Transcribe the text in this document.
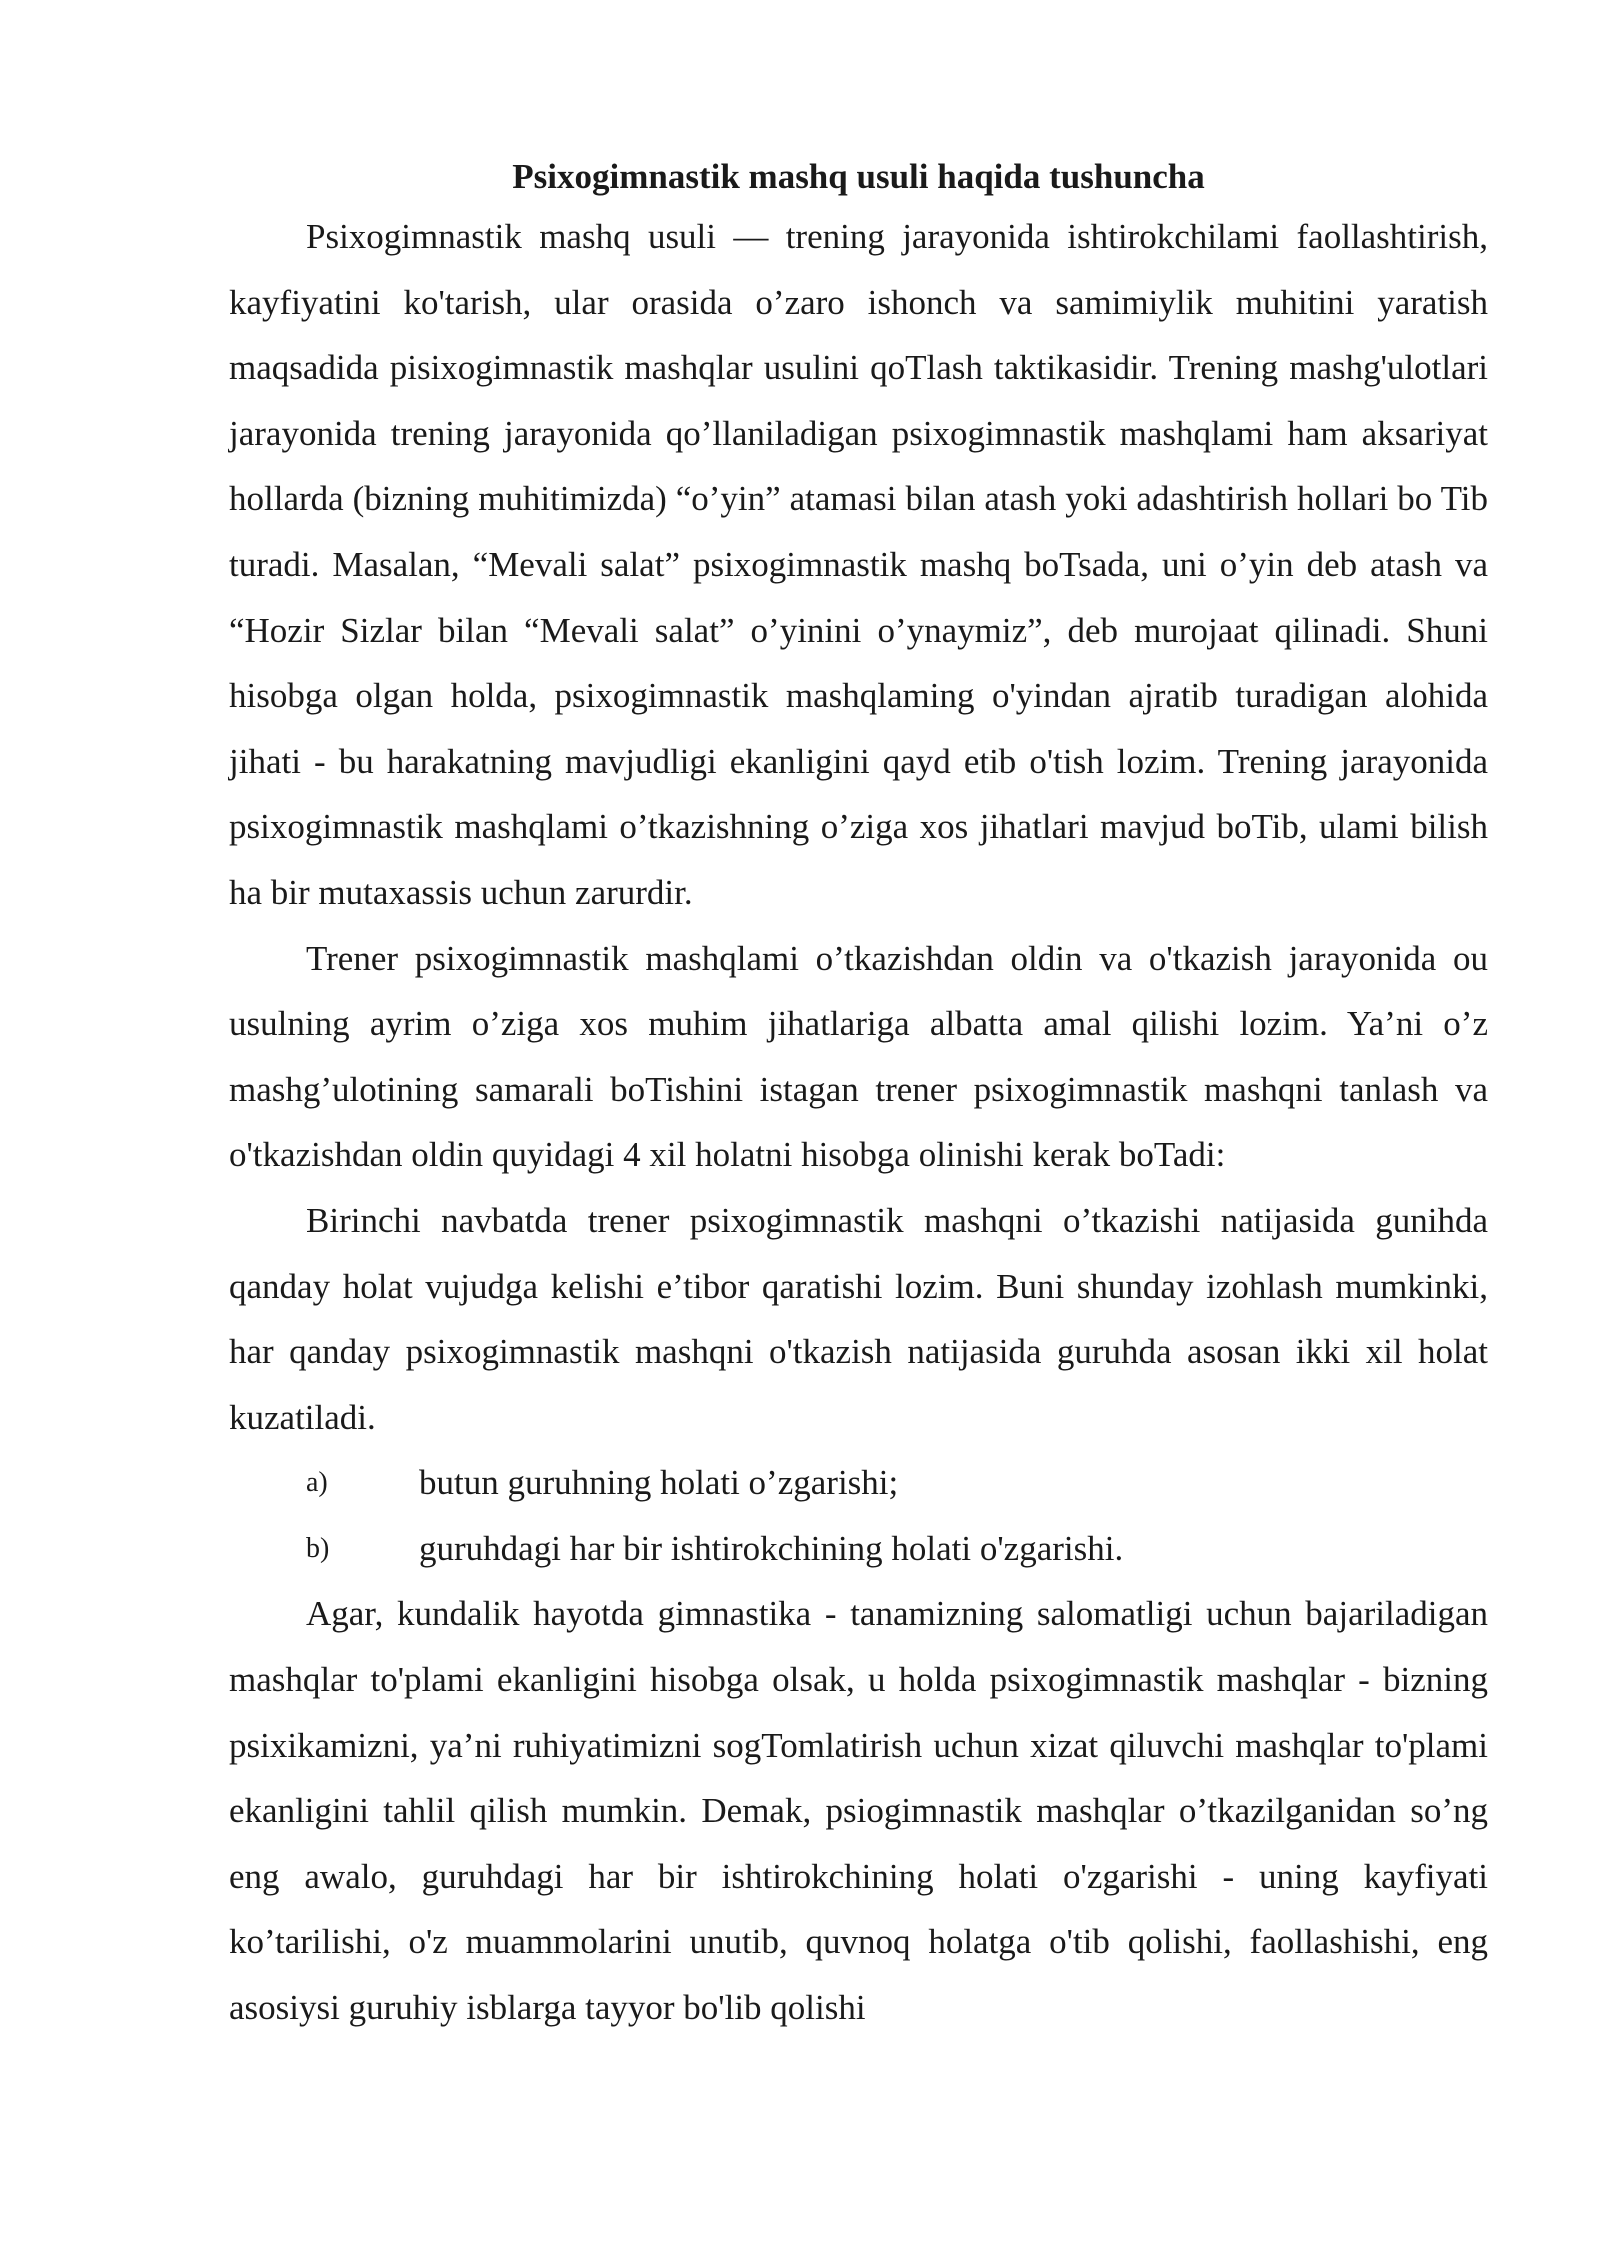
Psixogimnastik mashq usuli haqida tushuncha

Psixogimnastik mashq usuli — trening jarayonida ishtirokchilami faollashtirish, kayfiyatini ko'tarish, ular orasida o’zaro ishonch va samimiylik muhitini yaratish maqsadida pisixogimnastik mashqlar usulini qoTlash taktikasidir. Trening mashg'ulotlari jarayonida trening jarayonida qo’llaniladigan psixogimnastik mashqlami ham aksariyat hollarda (bizning muhitimizda) “o’yin” atamasi bilan atash yoki adashtirish hollari bo Tib turadi. Masalan, “Mevali salat” psixogimnastik mashq boTsada, uni o’yin deb atash va “Hozir Sizlar bilan “Mevali salat” o’yinini o’ynaymiz”, deb murojaat qilinadi. Shuni hisobga olgan holda, psixogimnastik mashqlaming o'yindan ajratib turadigan alohida jihati - bu harakatning mavjudligi ekanligini qayd etib o'tish lozim. Trening jarayonida psixogimnastik mashqlami o’tkazishning o’ziga xos jihatlari mavjud boTib, ulami bilish ha bir mutaxassis uchun zarurdir.

Trener psixogimnastik mashqlami o’tkazishdan oldin va o'tkazish jarayonida ou usulning ayrim o’ziga xos muhim jihatlariga albatta amal qilishi lozim. Ya’ni o’z mashg’ulotining samarali boTishini istagan trener psixogimnastik mashqni tanlash va o'tkazishdan oldin quyidagi 4 xil holatni hisobga olinishi kerak boTadi:

Birinchi navbatda trener psixogimnastik mashqni o’tkazishi natijasida gunihda qanday holat vujudga kelishi e’tibor qaratishi lozim. Buni shunday izohlash mumkinki, har qanday psixogimnastik mashqni o'tkazish natijasida guruhda asosan ikki xil holat kuzatiladi.

a)	butun guruhning holati o’zgarishi;
b)	guruhdagi har bir ishtirokchining holati o'zgarishi.

Agar, kundalik hayotda gimnastika - tanamizning salomatligi uchun bajariladigan mashqlar to'plami ekanligini hisobga olsak, u holda psixogimnastik mashqlar - bizning psixikamizni, ya’ni ruhiyatimizni sogTomlatirish uchun xizat qiluvchi mashqlar to'plami ekanligini tahlil qilish mumkin. Demak, psiogimnastik mashqlar o’tkazilganidan so’ng eng awalo, guruhdagi har bir ishtirokchining holati o'zgarishi - uning kayfiyati ko’tarilishi, o'z muammolarini unutib, quvnoq holatga o'tib qolishi, faollashishi, eng asosiysi guruhiy isblarga tayyor bo'lib qolishi
